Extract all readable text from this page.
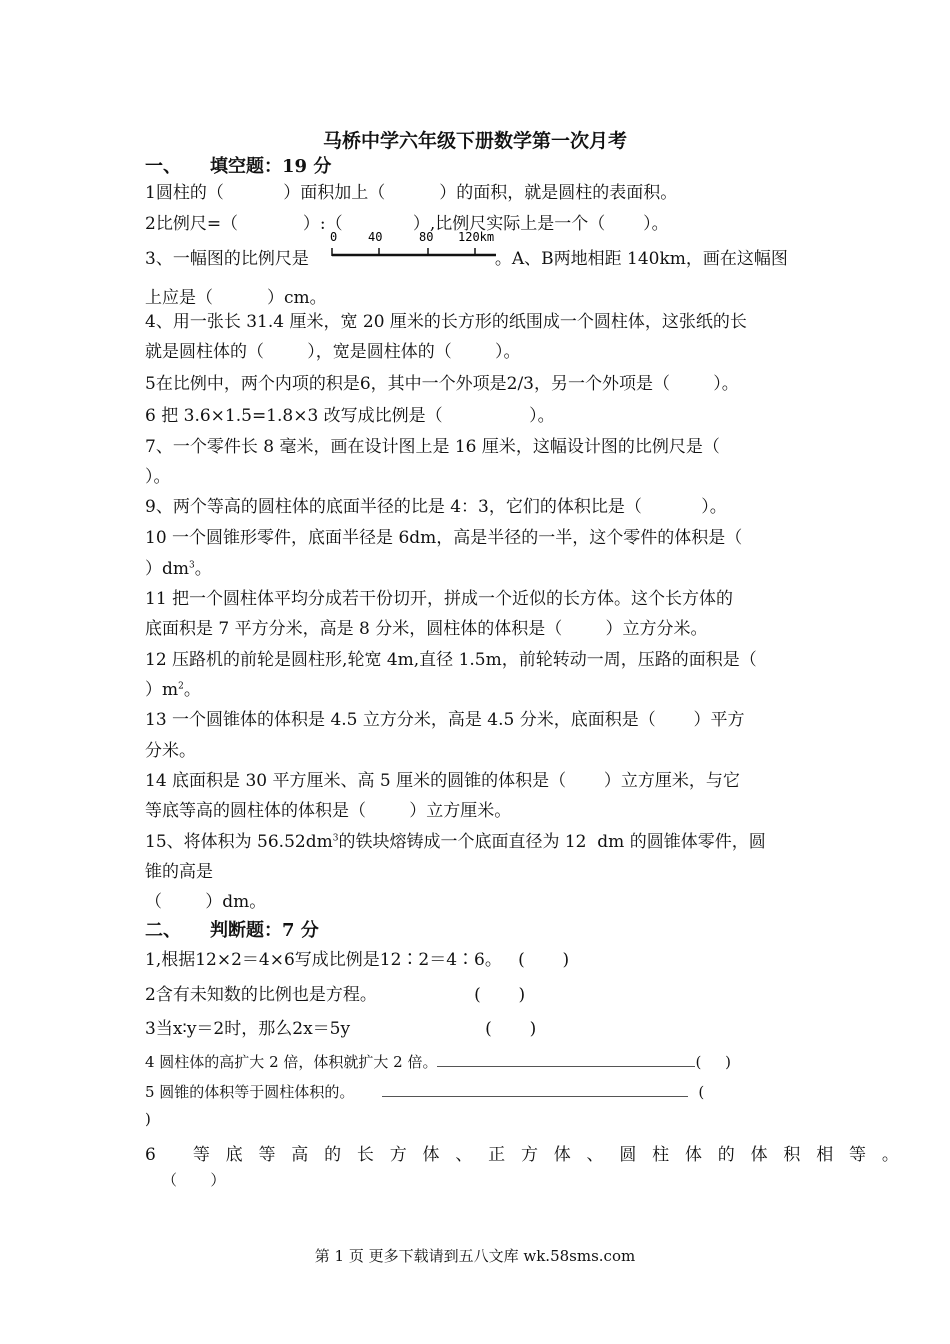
马桥中学六年级下册数学第一次月考
一、 填空题：19 分
1圆柱的（           ）面积加上（          ）的面积，就是圆柱的表面积。
2比例尺=（            ）:（             ）,比例尺实际上是一个（       ）。
3、一幅图的比例尺是	。A、B两地相距 140km，画在这幅图
0	40	80 120km
上应是（          ）cm。
4、用一张长 31.4 厘米，宽 20 厘米的长方形的纸围成一个圆柱体，这张纸的长
就是圆柱体的（        ），宽是圆柱体的（        ）。
5在比例中，两个内项的积是6，其中一个外项是2/3，另一个外项是（        ）。
6 把 3.6×1.5=1.8×3 改写成比例是（                ）。
7、一个零件长 8 毫米，画在设计图上是 16 厘米，这幅设计图的比例尺是（
）。
9、两个等高的圆柱体的底面半径的比是 4：3，它们的体积比是（           ）。
10 一个圆锥形零件，底面半径是 6dm，高是半径的一半，这个零件的体积是（
）$dm^3$。
11 把一个圆柱体平均分成若干份切开，拼成一个近似的长方体。这个长方体的
底面积是 7 平方分米，高是 8 分米，圆柱体的体积是（        ）立方分米。
12 压路机的前轮是圆柱形,轮宽 4m,直径 1.5m，前轮转动一周，压路的面积是（
）$m^2$。
13 一个圆锥体的体积是 4.5 立方分米，高是 4.5 分米，底面积是（       ）平方
分米。
14 底面积是 30 平方厘米、高 5 厘米的圆锥的体积是（       ）立方厘米，与它
等底等高的圆柱体的体积是（        ）立方厘米。
15、将体积为 $56.52dm^3$的铁块熔铸成一个底面直径为 12  dm 的圆锥体零件，圆
锥的高是
（        ）dm。
二、 判断题：7 分
1,根据12×2＝4×6写成比例是12∶2＝4∶6。   (       )
2含有未知数的比例也是方程。                  (       )
3当x∶y＝2时，那么2x＝5y                         (       )
4 圆柱体的高扩大 2 倍，体积就扩大 2 倍。	(     )
5 圆锥的体积等于圆柱体积的。	(
)
6 等底等高的长方体、正方体、圆柱体的体积相等。
（       ）
第 1 页 更多下载请到五八文库 wk.58sms.com
